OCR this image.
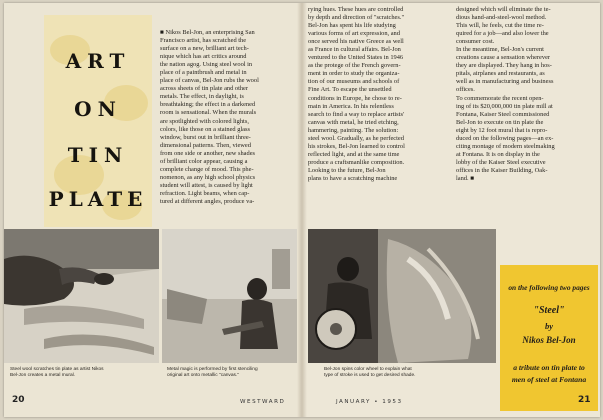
ART
ON
TIN
PLATE
■ Nikos Bel-Jon, an enterprising San
Francisco artist, has scratched the
surface on a new, brilliant art tech-
nique which has art critics around
the nation agog. Using steel wool in
place of a paintbrush and metal in
place of canvas, Bel-Jon rubs the wool
across sheets of tin plate and other
metals. The effect, in daylight, is
breathtaking; the effect in a darkened
room is sensational. When the murals
are spotlighted with colored lights,
colors, like those on a stained glass
window, burst out in brilliant three-
dimensional patterns. Then, viewed
from one side or another, new shades
of brilliant color appear, causing a
complete change of mood. This phe-
nomenon, as any high school physics
student will attest, is caused by light
refraction. Light beams, when cap-
tured at different angles, produce va-
Steel wool scratches tin plate as artist Nikos
Bel-Jon creates a metal mural.
Metal magic is performed by first stenciling
original art onto metallic "canvas."
20	WESTWARD
rying hues. These hues are controlled
by depth and direction of "scratches."
Bel-Jon has spent his life studying
various forms of art expression, and
once served his native Greece as well
as France in cultural affairs. Bel-Jon
ventured to the United States in 1946
as the protege of the French govern-
ment in order to study the organiza-
tion of our museums and schools of
Fine Art. To escape the unsettled
conditions in Europe, he chose to re-
main in America. In his relentless
search to find a way to replace artists'
canvas with metal, he tried etching,
hammering, painting. The solution:
steel wool. Gradually, as he perfected
his strokes, Bel-Jon learned to control
reflected light, and at the same time
produce a craftsmanlike composition.
Looking to the future, Bel-Jon
plans to have a scratching machine
designed which will eliminate the te-
dious hand-and-steel-wool method.
This will, he feels, cut the time re-
quired for a job—and also lower the
consumer cost.
In the meantime, Bel-Jon's current
creations cause a sensation wherever
they are displayed. They hang in hos-
pitals, airplanes and restaurants, as
well as in manufacturing and business
offices.
To commemorate the recent open-
ing of its $20,000,000 tin plate mill at
Fontana, Kaiser Steel commissioned
Bel-Jon to execute on tin plate the
eight by 12 foot mural that is repro-
duced on the following pages—an ex-
citing montage of modern steelmaking
at Fontana. It is on display in the
lobby of the Kaiser Steel executive
offices in the Kaiser Building, Oak-
land. ■
Bel-Jon spins color wheel to explain what
type of stroke is used to get desired shade.
on the following two pages
"Steel"
by
Nikos Bel-Jon
a tribute on tin plate to
men of steel at Fontana
JANUARY • 1953	21
